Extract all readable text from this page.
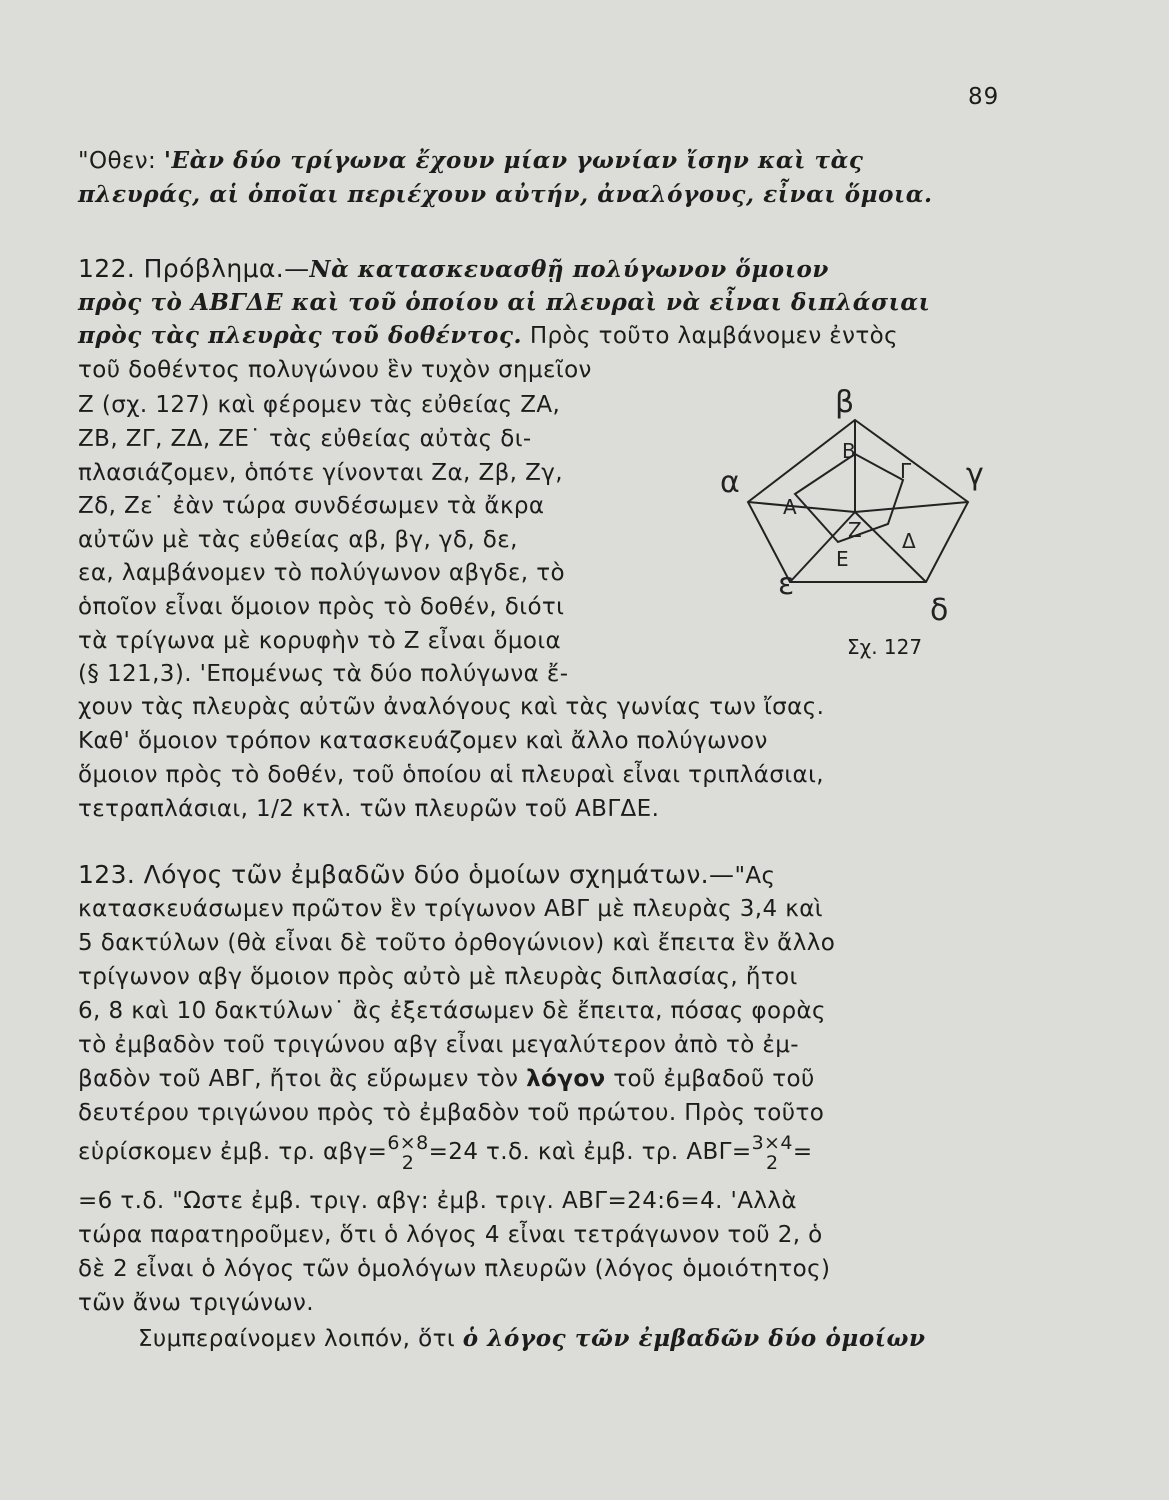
89
"Οθεν: 'Εὰν δύο τρίγωνα ἔχουν μίαν γωνίαν ἴσην καὶ τὰς
πλευράς, αἱ ὁποῖαι περιέχουν αὐτήν, ἀναλόγους, εἶναι ὅμοια.
122. Πρόβλημα.—Νὰ κατασκευασθῇ πολύγωνον ὅμοιον
πρὸς τὸ ΑΒΓΔΕ καὶ τοῦ ὁποίου αἱ πλευραὶ νὰ εἶναι διπλάσιαι
πρὸς τὰς πλευρὰς τοῦ δοθέντος. Πρὸς τοῦτο λαμβάνομεν ἐντὸς
τοῦ δοθέντος πολυγώνου ἓν τυχὸν σημεῖον
Ζ (σχ. 127) καὶ φέρομεν τὰς εὐθείας ΖΑ,
ΖΒ, ΖΓ, ΖΔ, ΖΕ˙ τὰς εὐθείας αὐτὰς δι-
πλασιάζομεν, ὁπότε γίνονται Ζα, Ζβ, Ζγ,
Ζδ, Ζε˙ ἐὰν τώρα συνδέσωμεν τὰ ἄκρα
αὐτῶν μὲ τὰς εὐθείας αβ, βγ, γδ, δε,
εα, λαμβάνομεν τὸ πολύγωνον αβγδε, τὸ
ὁποῖον εἶναι ὅμοιον πρὸς τὸ δοθέν, διότι
τὰ τρίγωνα μὲ κορυφὴν τὸ Ζ εἶναι ὅμοια
(§ 121,3). 'Επομένως τὰ δύο πολύγωνα ἔ-
χουν τὰς πλευρὰς αὐτῶν ἀναλόγους καὶ τὰς γωνίας των ἴσας.
Καθ' ὅμοιον τρόπον κατασκευάζομεν καὶ ἄλλο πολύγωνον
ὅμοιον πρὸς τὸ δοθέν, τοῦ ὁποίου αἱ πλευραὶ εἶναι τριπλάσιαι,
τετραπλάσιαι, 1/2 κτλ. τῶν πλευρῶν τοῦ ΑΒΓΔΕ.
α
β
γ
δ
ε
Α
Β
Γ
Δ
Ε
Ζ
Σχ. 127
123. Λόγος τῶν ἐμβαδῶν δύο ὁμοίων σχημάτων.—"Ας
κατασκευάσωμεν πρῶτον ἓν τρίγωνον ΑΒΓ μὲ πλευρὰς 3,4 καὶ
5 δακτύλων (θὰ εἶναι δὲ τοῦτο ὀρθογώνιον) καὶ ἔπειτα ἓν ἄλλο
τρίγωνον αβγ ὅμοιον πρὸς αὐτὸ μὲ πλευρὰς διπλασίας, ἤτοι
6, 8 καὶ 10 δακτύλων˙ ἂς ἐξετάσωμεν δὲ ἔπειτα, πόσας φορὰς
τὸ ἐμβαδὸν τοῦ τριγώνου αβγ εἶναι μεγαλύτερον ἀπὸ τὸ ἐμ-
βαδὸν τοῦ ΑΒΓ, ἤτοι ἂς εὕρωμεν τὸν λόγον τοῦ ἐμβαδοῦ τοῦ
δευτέρου τριγώνου πρὸς τὸ ἐμβαδὸν τοῦ πρώτου. Πρὸς τοῦτο
εὑρίσκομεν ἐμβ. τρ. αβγ= 6×8
2 =24 τ.δ. καὶ ἐμβ. τρ. ΑΒΓ= 3×4
2 =
=6 τ.δ. "Ωστε ἐμβ. τριγ. αβγ: ἐμβ. τριγ. ΑΒΓ=24:6=4. 'Αλλὰ
τώρα παρατηροῦμεν, ὅτι ὁ λόγος 4 εἶναι τετράγωνον τοῦ 2, ὁ
δὲ 2 εἶναι ὁ λόγος τῶν ὁμολόγων πλευρῶν (λόγος ὁμοιότητος)
τῶν ἄνω τριγώνων.
Συμπεραίνομεν λοιπόν, ὅτι ὁ λόγος τῶν ἐμβαδῶν δύο ὁμοίων
